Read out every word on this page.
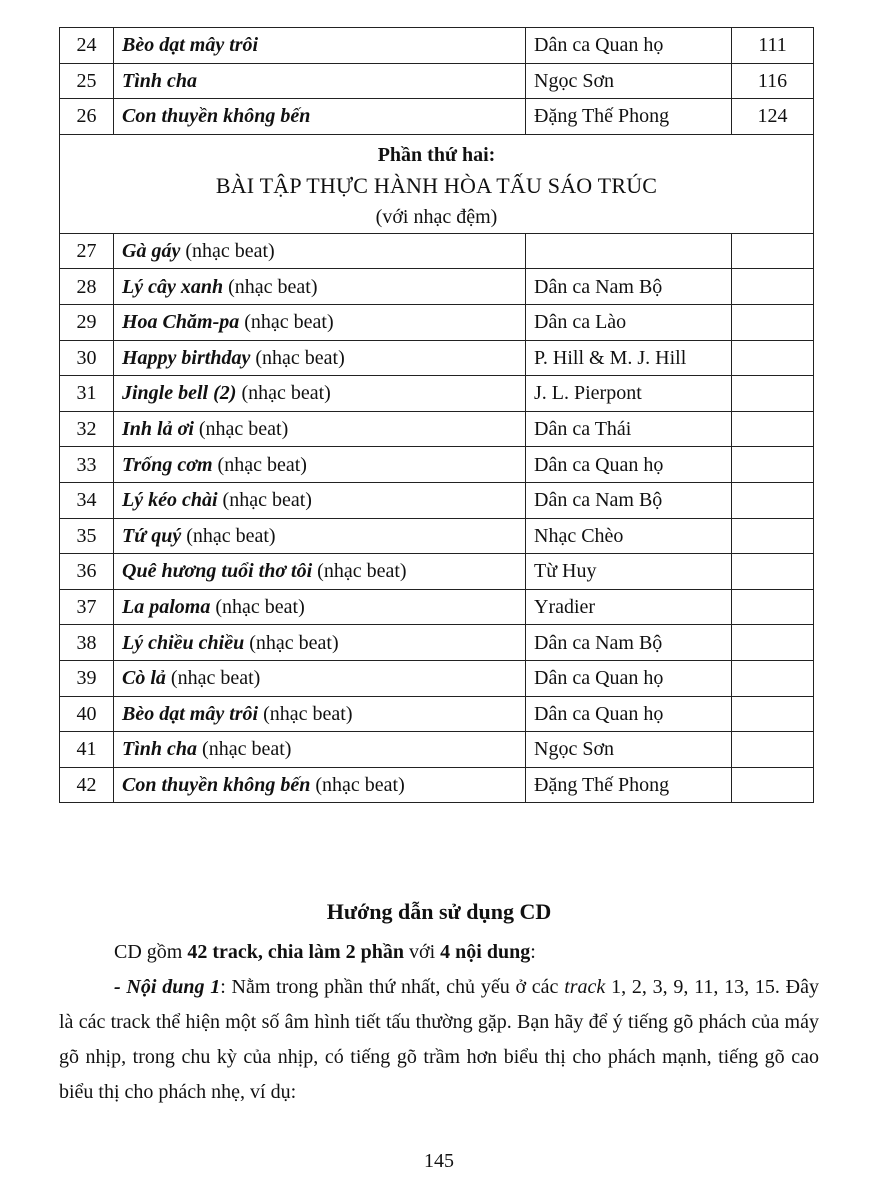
24	Bèo dạt mây trôi	Dân ca Quan họ	111
25	Tình cha	Ngọc Sơn	116
26	Con thuyền không bến	Đặng Thế Phong	124

Phần thứ hai:
BÀI TẬP THỰC HÀNH HÒA TẤU SÁO TRÚC
(với nhạc đệm)			

27	Gà gáy (nhạc beat)		
28	Lý cây xanh (nhạc beat)	Dân ca Nam Bộ	
29	Hoa Chăm-pa (nhạc beat)	Dân ca Lào	
30	Happy birthday (nhạc beat)	P. Hill & M. J. Hill	
31	Jingle bell (2) (nhạc beat)	J. L. Pierpont	
32	Inh lả ơi (nhạc beat)	Dân ca Thái	
33	Trống cơm (nhạc beat)	Dân ca Quan họ	
34	Lý kéo chài (nhạc beat)	Dân ca Nam Bộ	
35	Tứ quý (nhạc beat)	Nhạc Chèo	
36	Quê hương tuổi thơ tôi (nhạc beat)	Từ Huy	
37	La paloma (nhạc beat)	Yradier	
38	Lý chiều chiều (nhạc beat)	Dân ca Nam Bộ	
39	Cò lả (nhạc beat)	Dân ca Quan họ	
40	Bèo dạt mây trôi (nhạc beat)	Dân ca Quan họ	
41	Tình cha (nhạc beat)	Ngọc Sơn	
42	Con thuyền không bến (nhạc beat)	Đặng Thế Phong	
Hướng dẫn sử dụng CD

CD gồm 42 track, chia làm 2 phần với 4 nội dung:

- Nội dung 1: Nằm trong phần thứ nhất, chủ yếu ở các track 1, 2, 3, 9, 11, 13, 15. Đây là các track thể hiện một số âm hình tiết tấu thường gặp. Bạn hãy để ý tiếng gõ phách của máy gõ nhịp, trong chu kỳ của nhịp, có tiếng gõ trầm hơn biểu thị cho phách mạnh, tiếng gõ cao biểu thị cho phách nhẹ, ví dụ:

145
